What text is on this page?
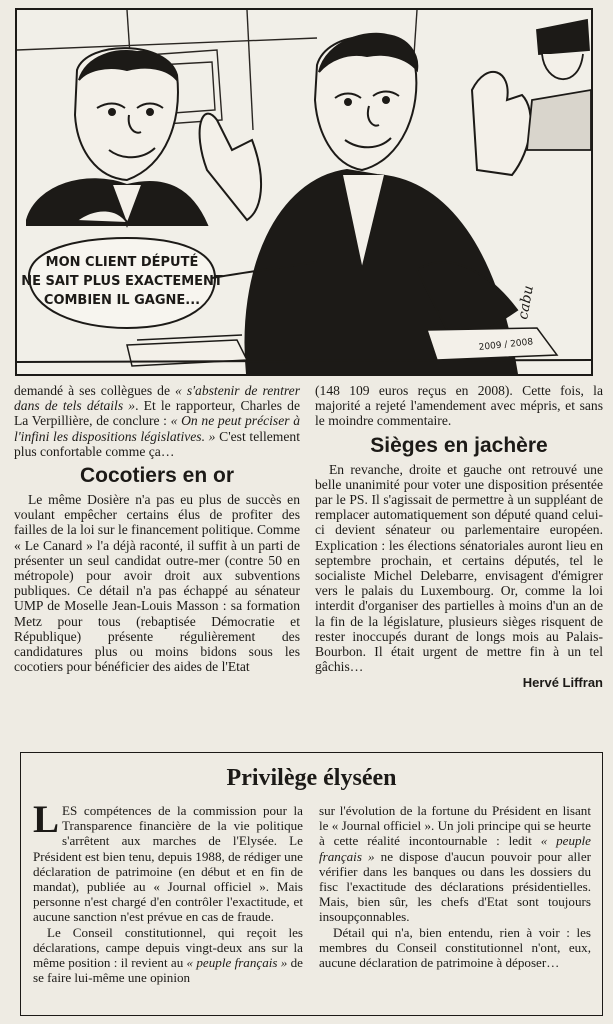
2009 / 2008
MON CLIENT DÉPUTÉ
NE SAIT PLUS EXACTEMENT
COMBIEN IL GAGNE...	cabu

demandé à ses collègues de « s'abstenir de rentrer dans de tels détails ». Et le rapporteur, Charles de La Verpillière, de conclure : « On ne peut préciser à l'infini les dispositions législatives. » C'est tellement plus confortable comme ça…

Cocotiers en or

Le même Dosière n'a pas eu plus de succès en voulant empêcher certains élus de profiter des failles de la loi sur le financement politique. Comme « Le Canard » l'a déjà raconté, il suffit à un parti de présenter un seul candidat outre-mer (contre 50 en métropole) pour avoir droit aux subventions publiques. Ce détail n'a pas échappé au sénateur UMP de Moselle Jean-Louis Masson : sa formation Metz pour tous (rebaptisée Démocratie et République) présente régulièrement des candidatures plus ou moins bidons sous les cocotiers pour bénéficier des aides de l'Etat

(148 109 euros reçus en 2008). Cette fois, la majorité a rejeté l'amendement avec mépris, et sans le moindre commentaire.

Sièges en jachère

En revanche, droite et gauche ont retrouvé une belle unanimité pour voter une disposition présentée par le PS. Il s'agissait de permettre à un suppléant de remplacer automatiquement son député quand celui-ci devient sénateur ou parlementaire européen. Explication : les élections sénatoriales auront lieu en septembre prochain, et certains députés, tel le socialiste Michel Delebarre, envisagent d'émigrer vers le palais du Luxembourg. Or, comme la loi interdit d'organiser des partielles à moins d'un an de la fin de la législature, plusieurs sièges risquent de rester inoccupés durant de longs mois au Palais-Bourbon. Il était urgent de mettre fin à un tel gâchis…

Hervé Liffran
Privilège élyséen

LES compétences de la commission pour la Transparence financière de la vie politique s'arrêtent aux marches de l'Elysée. Le Président est bien tenu, depuis 1988, de rédiger une déclaration de patrimoine (en début et en fin de mandat), publiée au « Journal officiel ». Mais personne n'est chargé d'en contrôler l'exactitude, et aucune sanction n'est prévue en cas de fraude.

Le Conseil constitutionnel, qui reçoit les déclarations, campe depuis vingt-deux ans sur la même position : il revient au « peuple français » de se faire lui-même une opinion

sur l'évolution de la fortune du Président en lisant le « Journal officiel ». Un joli principe qui se heurte à cette réalité incontournable : ledit « peuple français » ne dispose d'aucun pouvoir pour aller vérifier dans les banques ou dans les dossiers du fisc l'exactitude des déclarations présidentielles. Mais, bien sûr, les chefs d'Etat sont toujours insoupçonnables.

Détail qui n'a, bien entendu, rien à voir : les membres du Conseil constitutionnel n'ont, eux, aucune déclaration de patrimoine à déposer…
